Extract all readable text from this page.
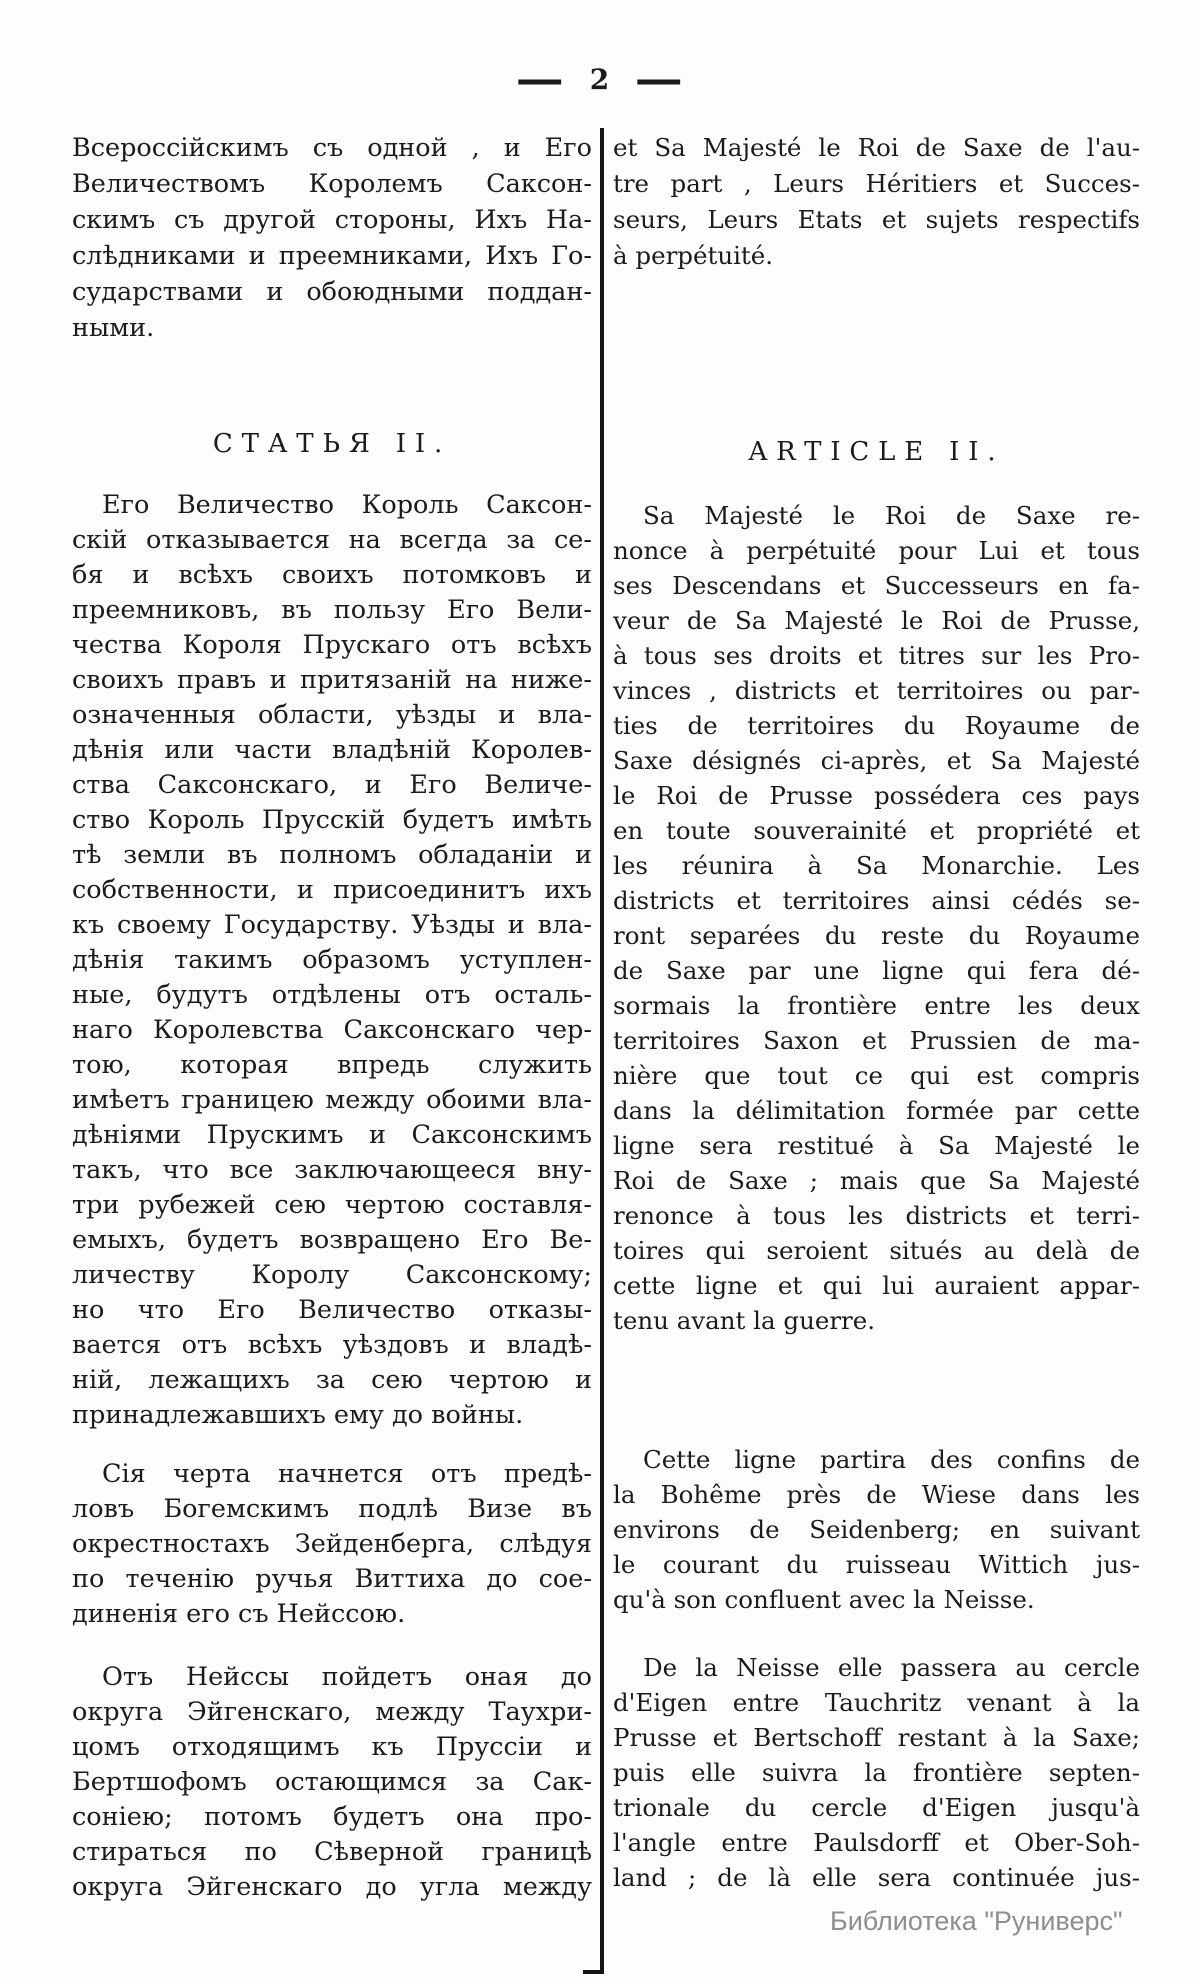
— 2 —
Всероссійскимъ съ одной , и Его
Величествомъ Королемъ Саксон-
скимъ съ другой стороны, Ихъ На-
слѣдниками и преемниками, Ихъ Го-
сударствами и обоюдными поддан-
ными.
СТАТЬЯ II.
Его Величество Король Саксон-
скій отказывается на всегда за се-
бя и всѣхъ своихъ потомковъ и
преемниковъ, въ пользу Его Вели-
чества Короля Прускаго отъ всѣхъ
своихъ правъ и притязаній на ниже-
означенныя области, уѣзды и вла-
дѣнія или части владѣній Королев-
ства Саксонскаго, и Его Величе-
ство Король Прусскій будетъ имѣть
тѣ земли въ полномъ обладаніи и
собственности, и присоединитъ ихъ
къ своему Государству. Уѣзды и вла-
дѣнія такимъ образомъ уступлен-
ные, будутъ отдѣлены отъ осталь-
наго Королевства Саксонскаго чер-
тою, которая впредь служить
имѣетъ границею между обоими вла-
дѣніями Прускимъ и Саксонскимъ
такъ, что все заключающееся вну-
три рубежей сею чертою составля-
емыхъ, будетъ возвращено Его Ве-
личеству Королу Саксонскому;
но что Его Величество отказы-
вается отъ всѣхъ уѣздовъ и владѣ-
ній, лежащихъ за сею чертою и
принадлежавшихъ ему до войны.
Сія черта начнется отъ предѣ-
ловъ Богемскимъ подлѣ Визе въ
окрестностахъ Зейденберга, слѣдуя
по теченію ручья Виттиха до сое-
диненія его съ Нейссою.
Отъ Нейссы пойдетъ оная до
округа Эйгенскаго, между Таухри-
цомъ отходящимъ къ Пруссіи и
Бертшофомъ остающимся за Сак-
соніею; потомъ будетъ она про-
стираться по Сѣверной границѣ
округа Эйгенскаго до угла между
et Sa Majesté le Roi de Saxe de l'au-
tre part , Leurs Héritiers et Succes-
seurs, Leurs Etats et sujets respectifs
à perpétuité.
ARTICLE II.
Sa Majesté le Roi de Saxe re-
nonce à perpétuité pour Lui et tous
ses Descendans et Successeurs en fa-
veur de Sa Majesté le Roi de Prusse,
à tous ses droits et titres sur les Pro-
vinces , districts et territoires ou par-
ties de territoires du Royaume de
Saxe désignés ci-après, et Sa Majesté
le Roi de Prusse possédera ces pays
en toute souverainité et propriété et
les réunira à Sa Monarchie. Les
districts et territoires ainsi cédés se-
ront separées du reste du Royaume
de Saxe par une ligne qui fera dé-
sormais la frontière entre les deux
territoires Saxon et Prussien de ma-
nière que tout ce qui est compris
dans la délimitation formée par cette
ligne sera restitué à Sa Majesté le
Roi de Saxe ; mais que Sa Majesté
renonce à tous les districts et terri-
toires qui seroient situés au delà de
cette ligne et qui lui auraient appar-
tenu avant la guerre.
Cette ligne partira des confins de
la Bohême près de Wiese dans les
environs de Seidenberg; en suivant
le courant du ruisseau Wittich jus-
qu'à son confluent avec la Neisse.
De la Neisse elle passera au cercle
d'Eigen entre Tauchritz venant à la
Prusse et Bertschoff restant à la Saxe;
puis elle suivra la frontière septen-
trionale du cercle d'Eigen jusqu'à
l'angle entre Paulsdorff et Ober-Soh-
land ; de là elle sera continuée jus-
Библиотека "Руниверс"
